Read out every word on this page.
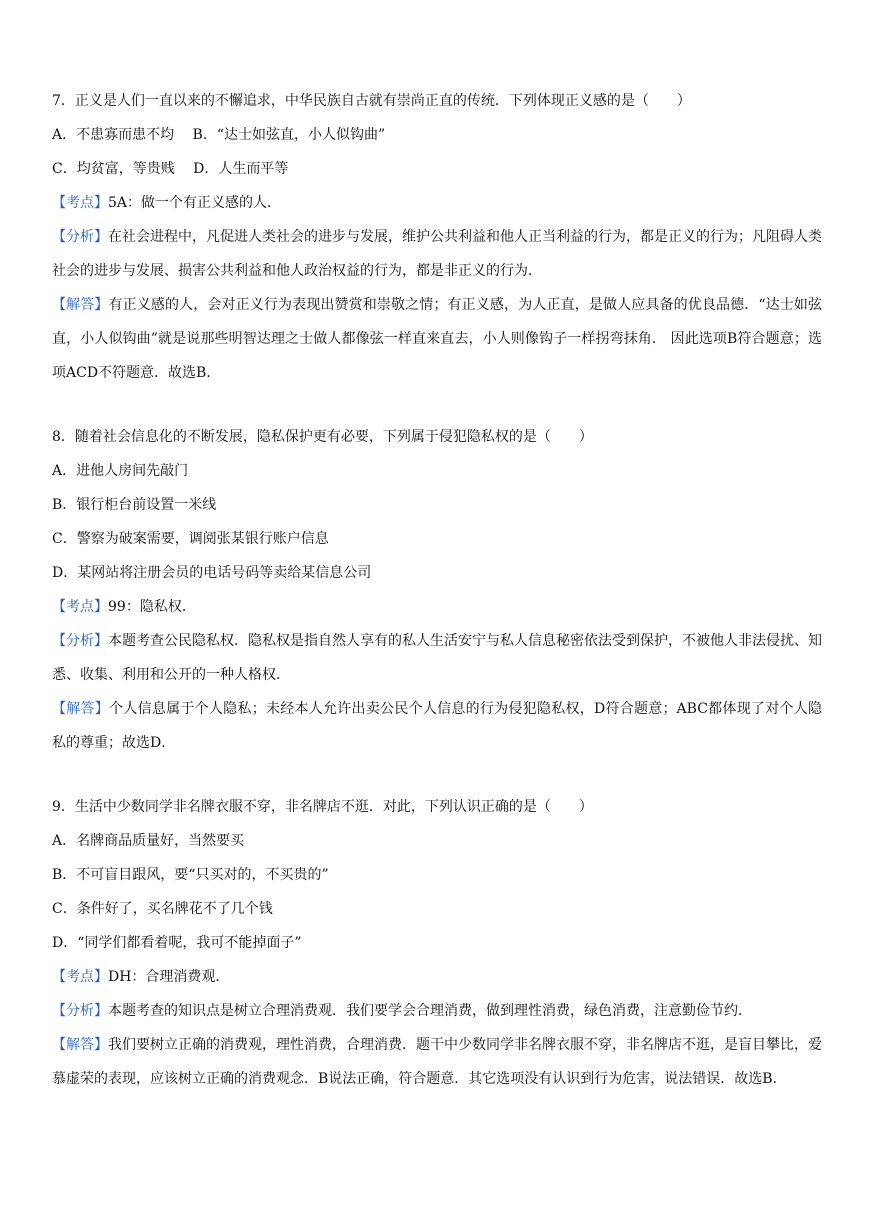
7．正义是人们一直以来的不懈追求，中华民族自古就有崇尚正直的传统．下列体现正义感的是（　　）

A．不患寡而患不均　 B．“达士如弦直，小人似钩曲”

C．均贫富，等贵贱　 D．人生而平等

【考点】5A：做一个有正义感的人．

【分析】在社会进程中，凡促进人类社会的进步与发展，维护公共利益和他人正当利益的行为，都是正义的行为；凡阻碍人类社会的进步与发展、损害公共利益和他人政治权益的行为，都是非正义的行为．

【解答】有正义感的人，会对正义行为表现出赞赏和崇敬之情；有正义感，为人正直，是做人应具备的优良品德．“达士如弦直，小人似钩曲”就是说那些明智达理之士做人都像弦一样直来直去，小人则像钩子一样拐弯抹角． 因此选项B符合题意；选项ACD不符题意．故选B．

8．随着社会信息化的不断发展，隐私保护更有必要，下列属于侵犯隐私权的是（　　）

A．进他人房间先敲门

B．银行柜台前设置一米线

C．警察为破案需要，调阅张某银行账户信息

D．某网站将注册会员的电话号码等卖给某信息公司

【考点】99：隐私权．

【分析】本题考查公民隐私权．隐私权是指自然人享有的私人生活安宁与私人信息秘密依法受到保护，不被他人非法侵扰、知悉、收集、利用和公开的一种人格权．

【解答】个人信息属于个人隐私；未经本人允许出卖公民个人信息的行为侵犯隐私权，D符合题意；ABC都体现了对个人隐私的尊重；故选D．

9．生活中少数同学非名牌衣服不穿，非名牌店不逛．对此，下列认识正确的是（　　）

A．名牌商品质量好，当然要买

B．不可盲目跟风，要“只买对的，不买贵的”

C．条件好了，买名牌花不了几个钱

D．“同学们都看着呢，我可不能掉面子”

【考点】DH：合理消费观．

【分析】本题考查的知识点是树立合理消费观．我们要学会合理消费，做到理性消费，绿色消费，注意勤俭节约．

【解答】我们要树立正确的消费观，理性消费，合理消费．题干中少数同学非名牌衣服不穿，非名牌店不逛，是盲目攀比，爱慕虚荣的表现，应该树立正确的消费观念．B说法正确，符合题意．其它选项没有认识到行为危害，说法错误．故选B．
